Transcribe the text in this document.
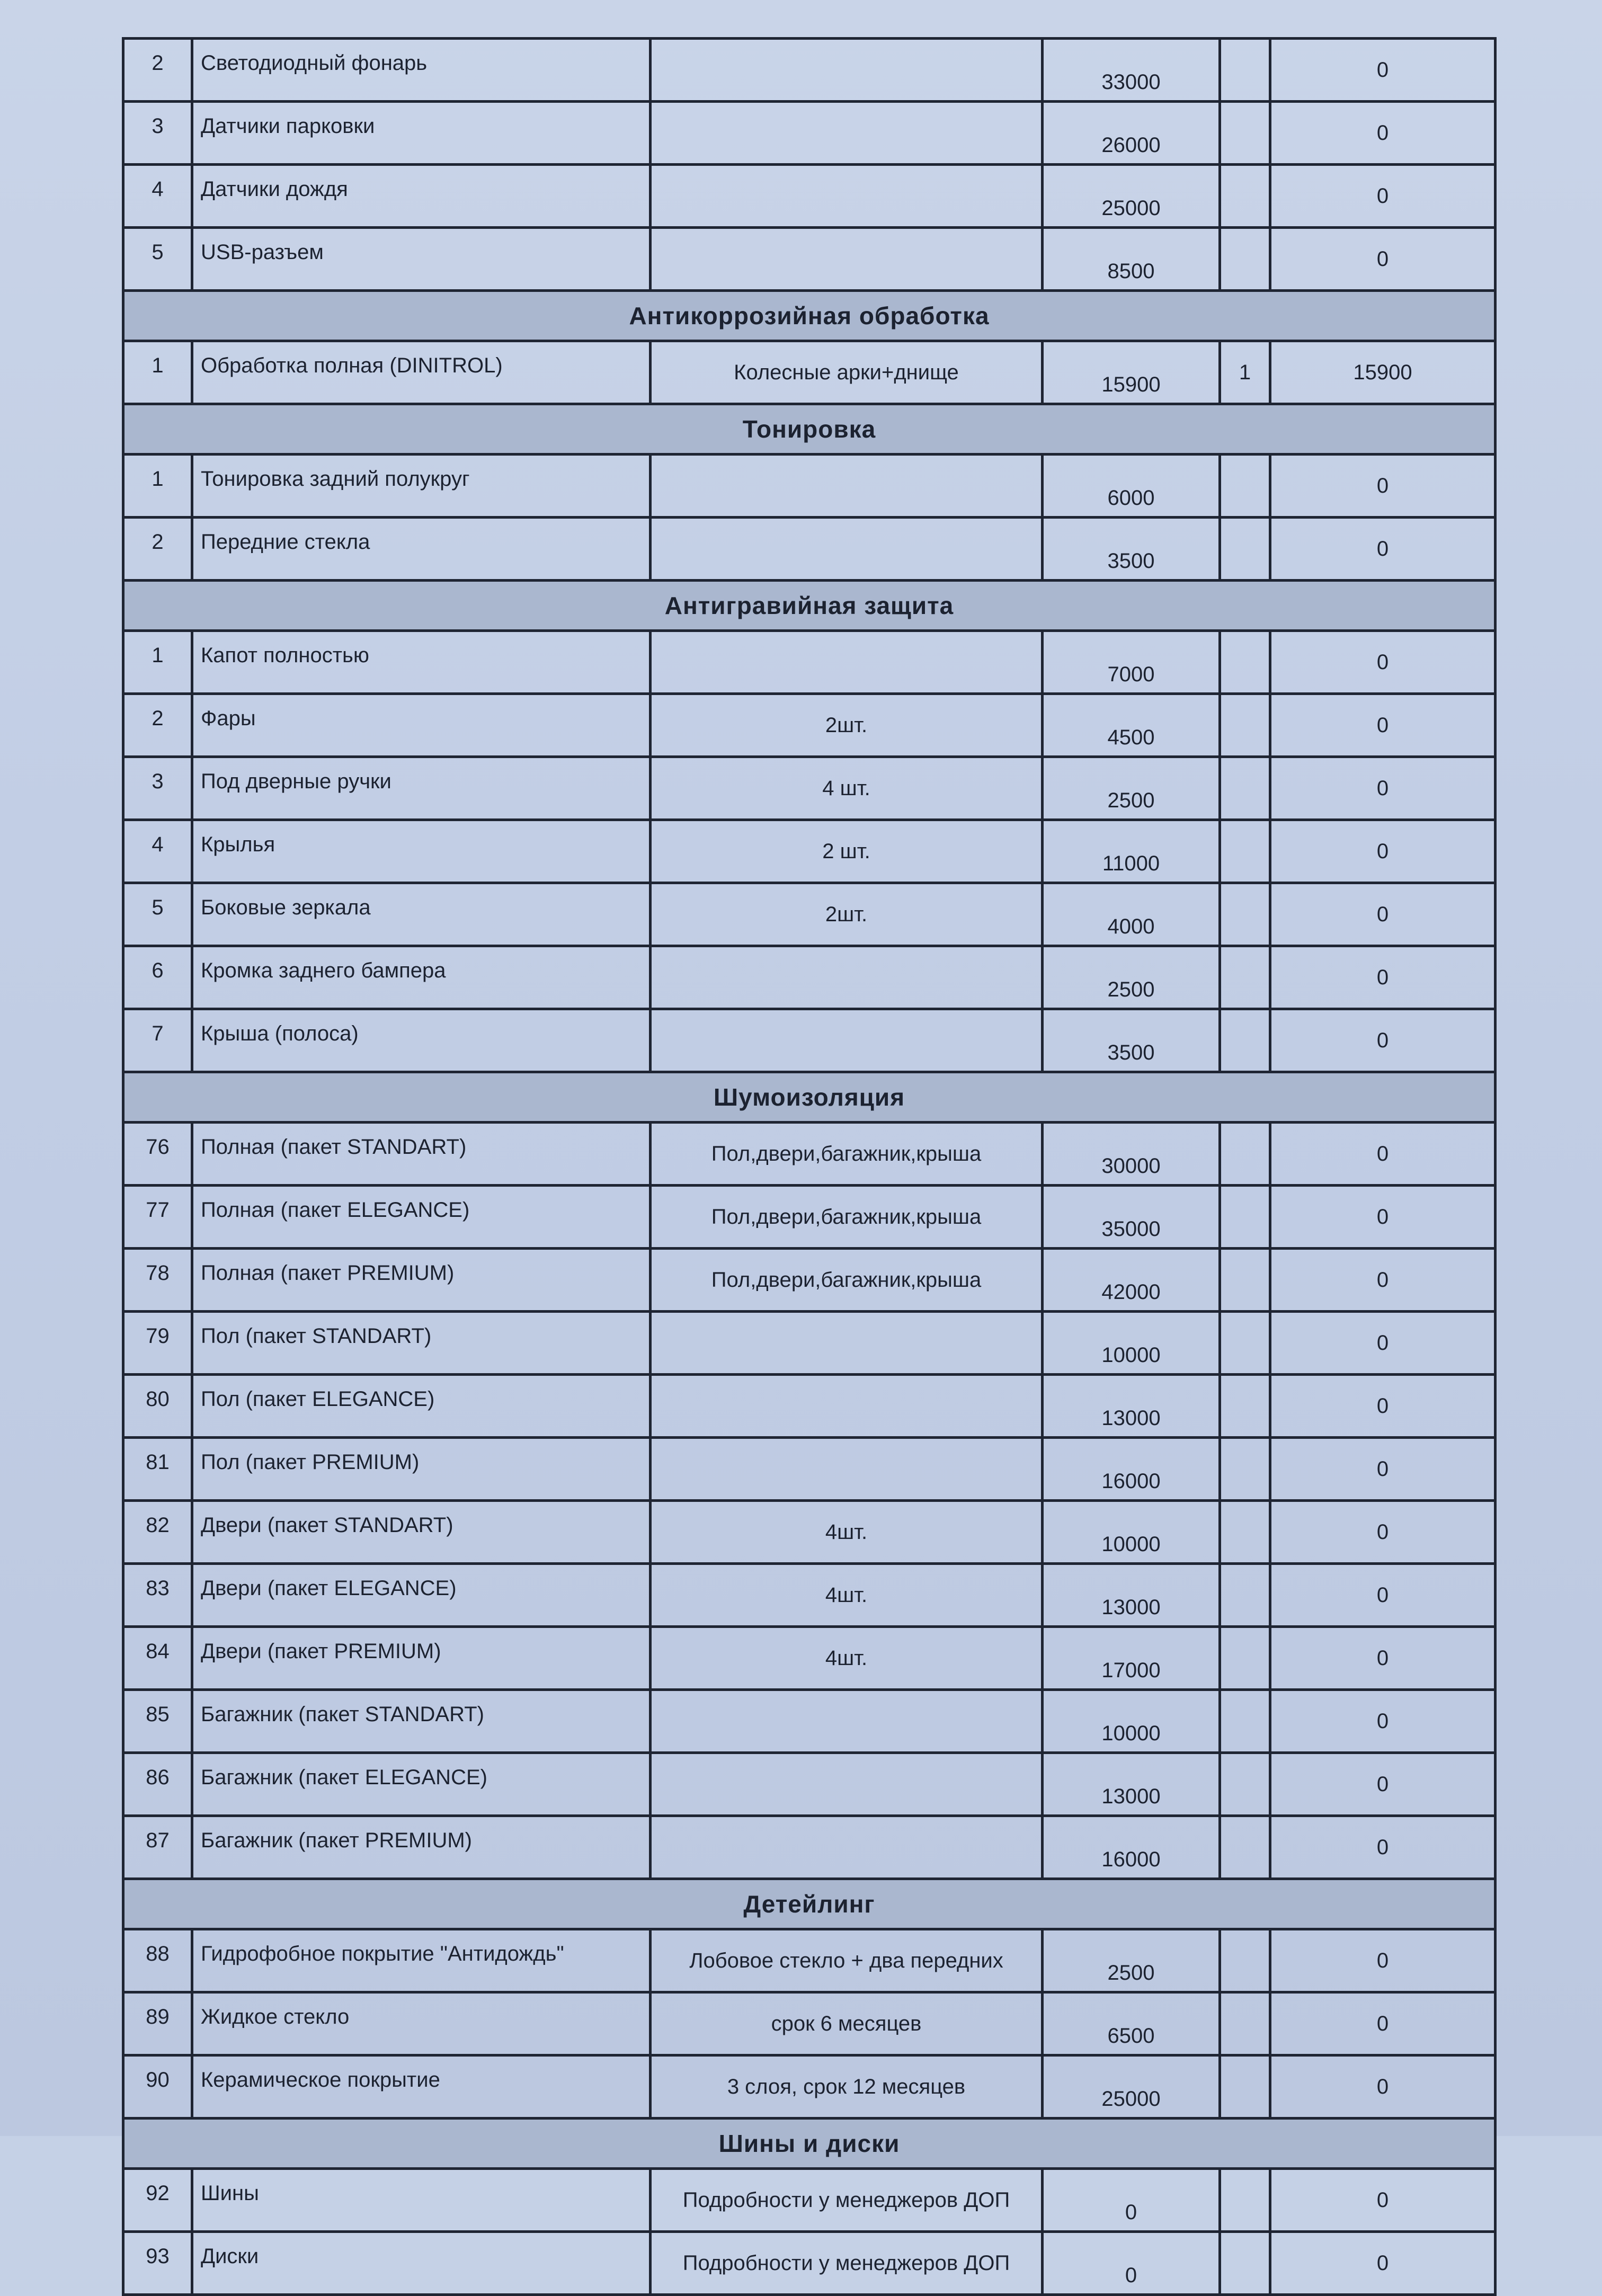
2	Светодиодный фонарь		33000		0
3	Датчики парковки		26000		0
4	Датчики дождя		25000		0
5	USB-разъем		8500		0
Антикоррозийная обработка					
1	Обработка полная (DINITROL)	Колесные арки+днище	15900	1	15900
Тонировка					
1	Тонировка задний полукруг		6000		0
2	Передние стекла		3500		0
Антигравийная защита					
1	Капот полностью		7000		0
2	Фары	2шт.	4500		0
3	Под дверные ручки	4 шт.	2500		0
4	Крылья	2 шт.	11000		0
5	Боковые зеркала	2шт.	4000		0
6	Кромка заднего бампера		2500		0
7	Крыша (полоса)		3500		0
Шумоизоляция					
76	Полная (пакет STANDART)	Пол,двери,багажник,крыша	30000		0
77	Полная (пакет ELEGANCE)	Пол,двери,багажник,крыша	35000		0
78	Полная (пакет PREMIUM)	Пол,двери,багажник,крыша	42000		0
79	Пол (пакет STANDART)		10000		0
80	Пол (пакет ELEGANCE)		13000		0
81	Пол (пакет PREMIUM)		16000		0
82	Двери (пакет STANDART)	4шт.	10000		0
83	Двери (пакет ELEGANCE)	4шт.	13000		0
84	Двери (пакет PREMIUM)	4шт.	17000		0
85	Багажник (пакет STANDART)		10000		0
86	Багажник (пакет ELEGANCE)		13000		0
87	Багажник (пакет PREMIUM)		16000		0
Детейлинг					
88	Гидрофобное покрытие "Антидождь"	Лобовое стекло + два передних	2500		0
89	Жидкое стекло	срок 6 месяцев	6500		0
90	Керамическое покрытие	3 слоя, срок 12 месяцев	25000		0
Шины и диски					
92	Шины	Подробности у менеджеров ДОП	0		0
93	Диски	Подробности у менеджеров ДОП	0		0
